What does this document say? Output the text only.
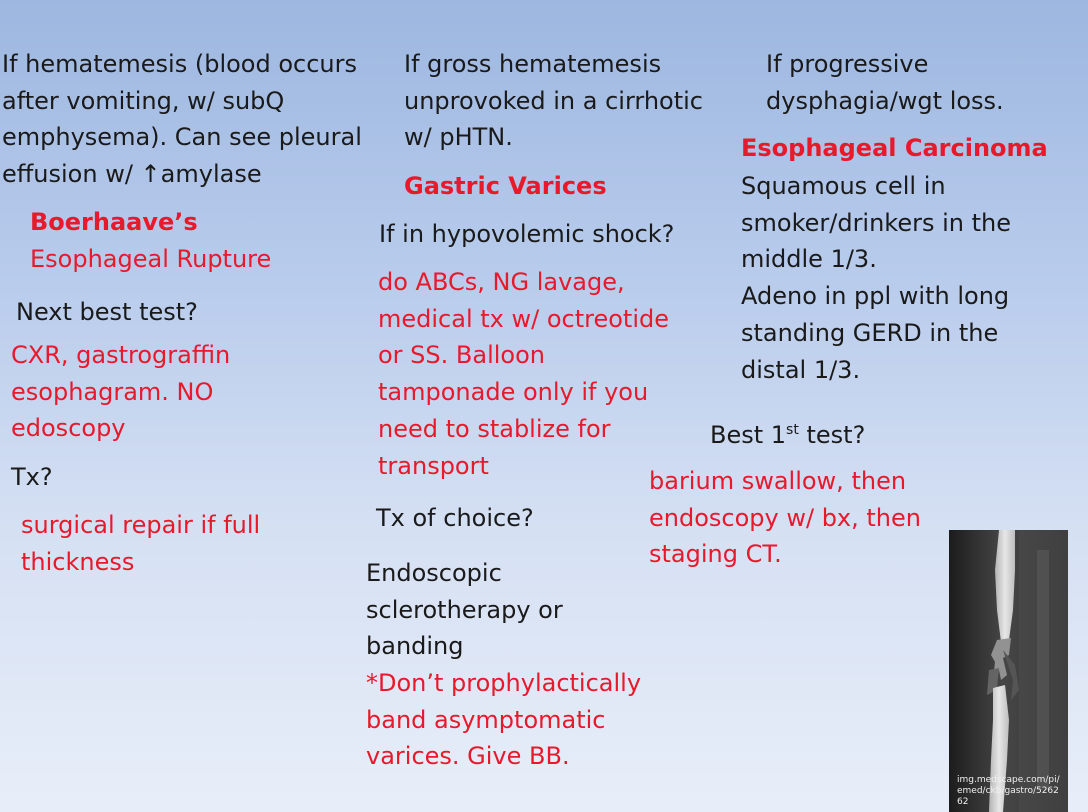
If hematemesis (blood occurs
after vomiting, w/ subQ
emphysema). Can see pleural
effusion w/ ↑amylase
Boerhaave’s
Esophageal Rupture
Next best test?
CXR, gastrograffin
esophagram. NO
edoscopy
Tx?
surgical repair if full
thickness
If gross hematemesis
unprovoked in a cirrhotic
w/ pHTN.
Gastric Varices
If in hypovolemic shock?
do ABCs, NG lavage,
medical tx w/ octreotide
or SS. Balloon
tamponade only if you
need to stablize for
transport
Tx of choice?
Endoscopic
sclerotherapy or
banding
*Don’t prophylactically
band asymptomatic
varices. Give BB.
If progressive
dysphagia/wgt loss.
Esophageal Carcinoma
Squamous cell in
smoker/drinkers in the
middle 1/3.
Adeno in ppl with long
standing GERD in the
distal 1/3.
Best 1st test?
barium swallow, then
endoscopy w/ bx, then
staging CT.
img.medscape.com/pi/emed/ckb/gastro/526262
